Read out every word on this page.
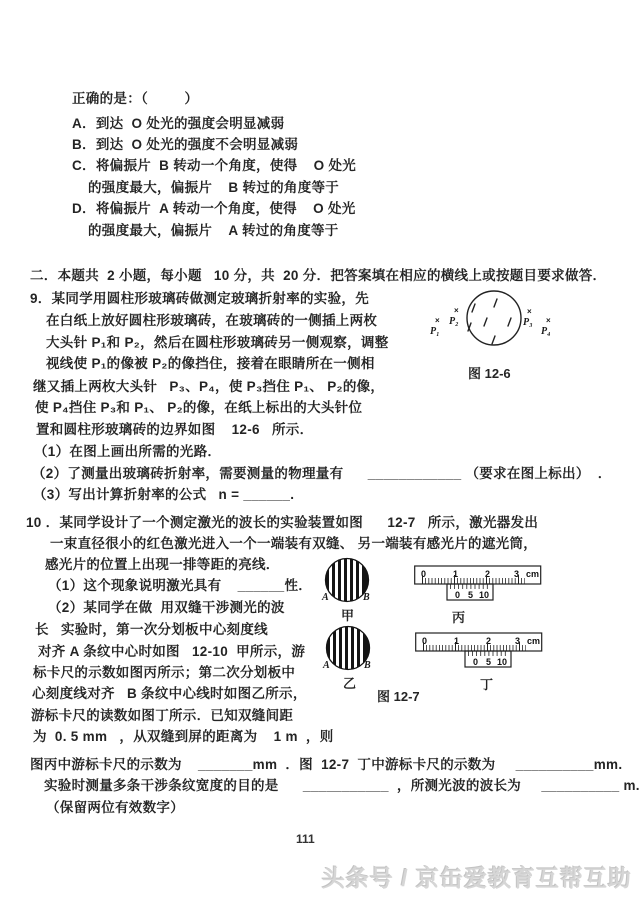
正确的是：（         ）
A．到达  O 处光的强度会明显减弱
B．到达  O 处光的强度不会明显减弱
C．将偏振片  B 转动一个角度，使得    O 处光
的强度最大，偏振片    B 转过的角度等于
D．将偏振片  A 转动一个角度，使得    O 处光
的强度最大，偏振片    A 转过的角度等于
二．本题共  2 小题，每小题   10 分，共  20 分．把答案填在相应的横线上或按题目要求做答．
9．某同学用圆柱形玻璃砖做测定玻璃折射率的实验，先
在白纸上放好圆柱形玻璃砖，在玻璃砖的一侧插上两枚
大头针 P₁和 P₂，然后在圆柱形玻璃砖另一侧观察，调整
视线使 P₁的像被 P₂的像挡住，接着在眼睛所在一侧相
继又插上两枚大头针   P₃、P₄，使 P₃挡住 P₁、 P₂的像，
使 P₄挡住 P₃和 P₁、 P₂的像，在纸上标出的大头针位
置和圆柱形玻璃砖的边界如图    12-6   所示．
（1）在图上画出所需的光路．
（2）了测量出玻璃砖折射率，需要测量的物理量有      ____________ （要求在图上标出）  ．
（3）写出计算折射率的公式   n = ______.
×
P₁
×
P₂
×
P₃ ×
P₄
图 12-6
10 ．某同学设计了一个测定激光的波长的实验装置如图      12-7   所示，激光器发出
一束直径很小的红色激光进入一个一端装有双缝、 另一端装有感光片的遮光筒，
感光片的位置上出现一排等距的亮线．
（1）这个现象说明激光具有    ______性．
（2）某同学在做  用双缝干涉测光的波
长   实验时，第一次分划板中心刻度线
对齐 A 条纹中心时如图   12-10  甲所示，游
标卡尺的示数如图丙所示；第二次分划板中
心刻度线对齐   B 条纹中心线时如图乙所示，
游标卡尺的读数如图丁所示．已知双缝间距
为  0. 5 mm   ，从双缝到屏的距离为    1 m  ，则
图丙中游标卡尺的示数为    _______mm  ．图  12-7  丁中游标卡尺的示数为     __________mm.
实验时测量多条干涉条纹宽度的目的是      ___________  ，所测光波的波长为     __________ m.
（保留两位有效数字）
A	B
甲
0	1	2	3 cm
0 5 10
丙
A	B
乙
0	1	2	3 cm
0 5 10
丁
图 12-7
111
头条号 / 京缶爱教育互帮互助
